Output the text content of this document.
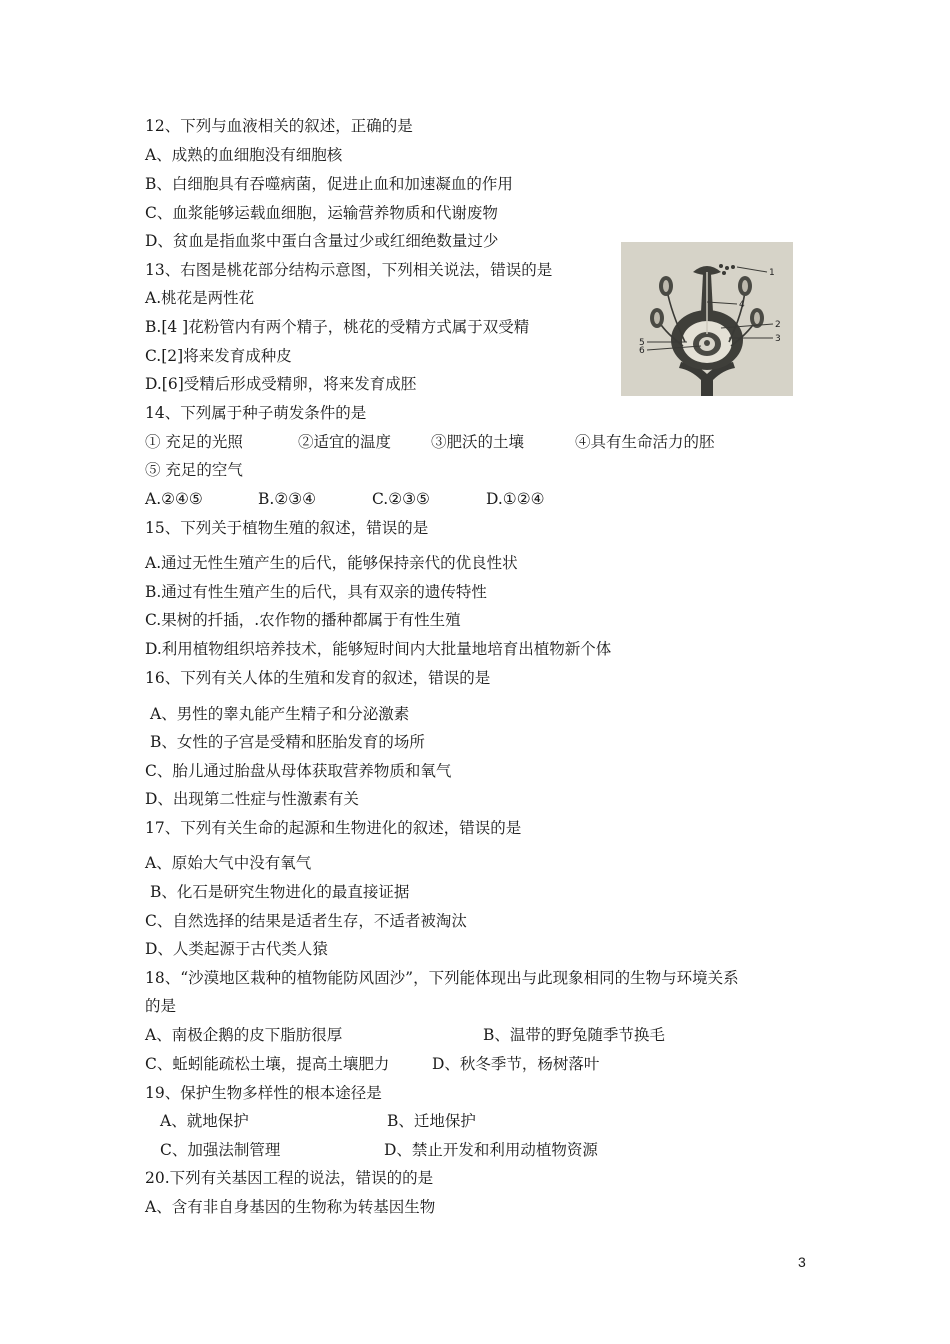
12、下列与血液相关的叙述，正确的是
A、成熟的血细胞没有细胞核
B、白细胞具有吞噬病菌，促进止血和加速凝血的作用
C、血浆能够运载血细胞，运输营养物质和代谢废物
D、贫血是指血浆中蛋白含量过少或红细绝数量过少
13、右图是桃花部分结构示意图，下列相关说法，错误的是
A.桃花是两性花
B.[4 ]花粉管内有两个精子，桃花的受精方式属于双受精
C.[2]将来发育成种皮
D.[6]受精后形成受精卵，将来发育成胚
1
2
3
4
5
6
14、下列属于种子萌发条件的是
① 充足的光照	②适宜的温度	③肥沃的土壤	④具有生命活力的胚
⑤ 充足的空气
A.②④⑤	B.②③④	C.②③⑤	D.①②④
15、下列关于植物生殖的叙述，错误的是
A.通过无性生殖产生的后代，能够保持亲代的优良性状
B.通过有性生殖产生的后代，具有双亲的遗传特性
C.果树的扦插，.农作物的播种都属于有性生殖
D.利用植物组织培养技术，能够短时间内大批量地培育出植物新个体
16、下列有关人体的生殖和发育的叙述，错误的是
A、男性的睾丸能产生精子和分泌激素
B、女性的子宫是受精和胚胎发育的场所
C、胎儿通过胎盘从母体获取营养物质和氧气
D、出现第二性症与性激素有关
17、下列有关生命的起源和生物进化的叙述，错误的是
A、原始大气中没有氧气
B、化石是研究生物进化的最直接证据
C、自然选择的结果是适者生存，不适者被淘汰
D、人类起源于古代类人猿
18、“沙漠地区栽种的植物能防风固沙”，下列能体现出与此现象相同的生物与环境关系
的是
A、南极企鹅的皮下脂肪很厚	B、温带的野兔随季节换毛
C、蚯蚓能疏松土壤，提高土壤肥力	D、秋冬季节，杨树落叶
19、保护生物多样性的根本途径是
A、就地保护	B、迁地保护
C、加强法制管理	D、禁止开发和利用动植物资源
20.下列有关基因工程的说法，错误的的是
A、含有非自身基因的生物称为转基因生物
3
